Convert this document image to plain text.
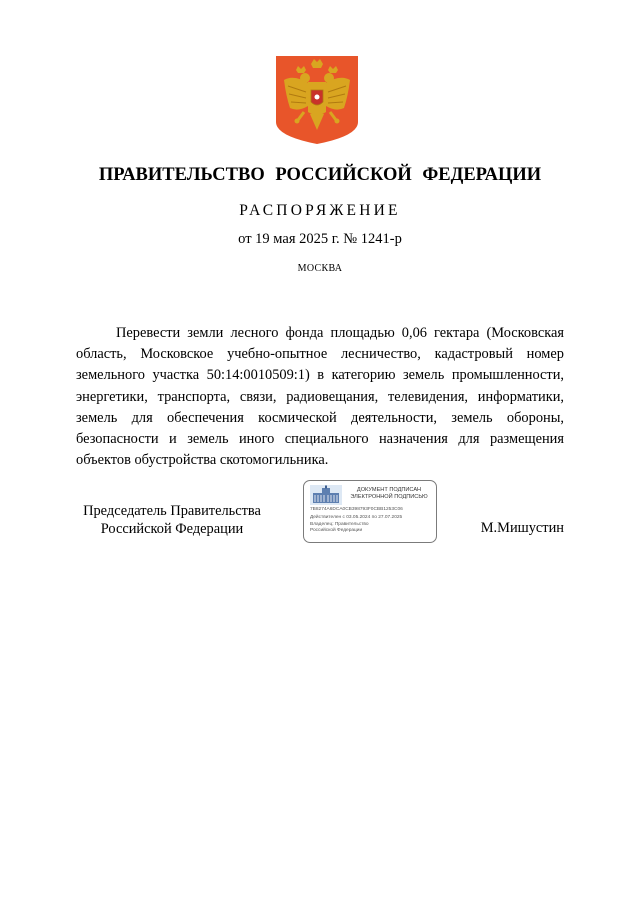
ПРАВИТЕЛЬСТВО РОССИЙСКОЙ ФЕДЕРАЦИИ
РАСПОРЯЖЕНИЕ
от 19 мая 2025 г. № 1241-р
МОСКВА

Перевести земли лесного фонда площадью 0,06 гектара (Московская область, Московское учебно-опытное лесничество, кадастровый номер земельного участка 50:14:0010509:1) в категорию земель промышленности, энергетики, транспорта, связи, радиовещания, телевидения, информатики, земель для обеспечения космической деятельности, земель обороны, безопасности и земель иного специального назначения для размещения объектов обустройства скотомогильника.

Председатель Правительства
Российской Федерации
ДОКУМЕНТ ПОДПИСАН
ЭЛЕКТРОННОЙ ПОДПИСЬЮ
7B8274A6DCA0CB398793F0CBB1253C06
Действителен с 03.05.2024 по 27.07.2025
Владелец: Правительство Российской Федерации	М.Мишустин
